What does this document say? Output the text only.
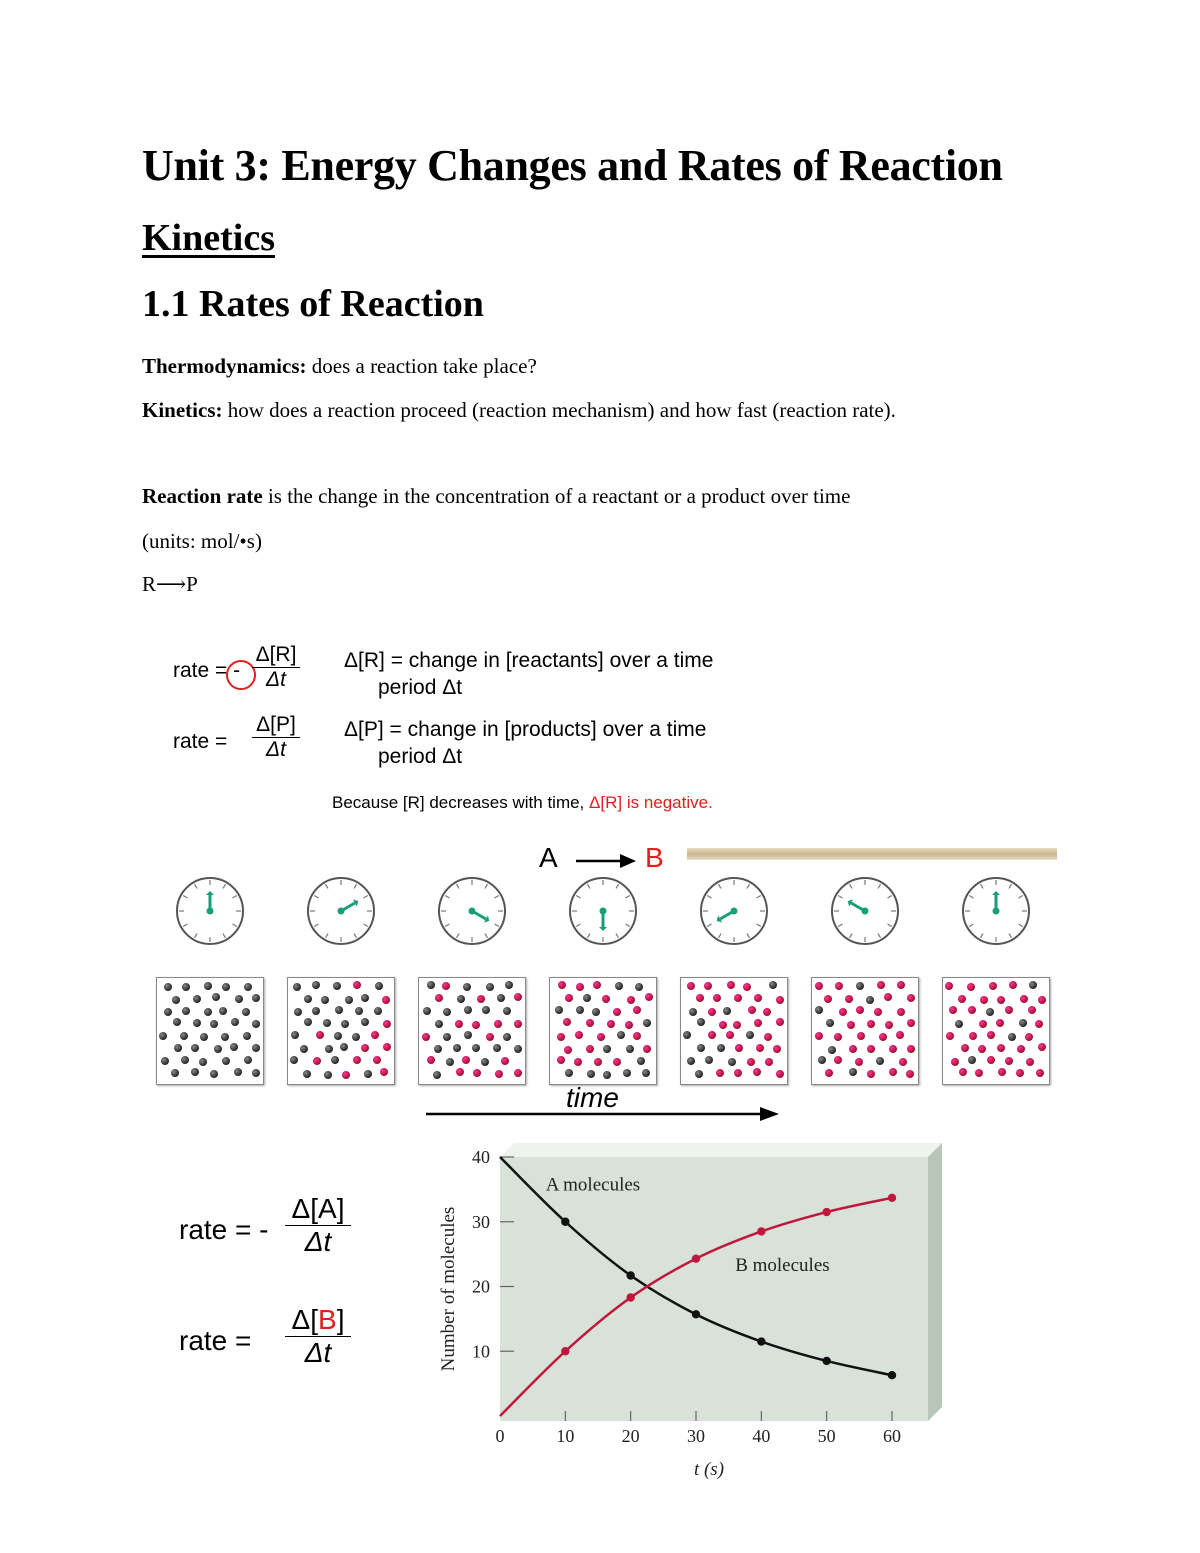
Unit 3: Energy Changes and Rates of Reaction
Kinetics
1.1 Rates of Reaction
Thermodynamics: does a reaction take place?
Kinetics: how does a reaction proceed (reaction mechanism) and how fast (reaction rate).
Reaction rate is the change in the concentration of a reactant or a product over time
(units: mol/•s)
R⟶P
rate = -
Δ[R]
Δt
Δ[R] = change in [reactants] over a time
period Δt
rate =
Δ[P]
Δt
Δ[P] = change in [products] over a time
period Δt
Because [R] decreases with time, Δ[R] is negative.
A	B
time
rate = -
Δ[A]
Δt
rate =
Δ[B]
Δt
0	10	20	30	40	50	60
10
20
30
40
A molecules
B molecules
Number of molecules
t (s)
